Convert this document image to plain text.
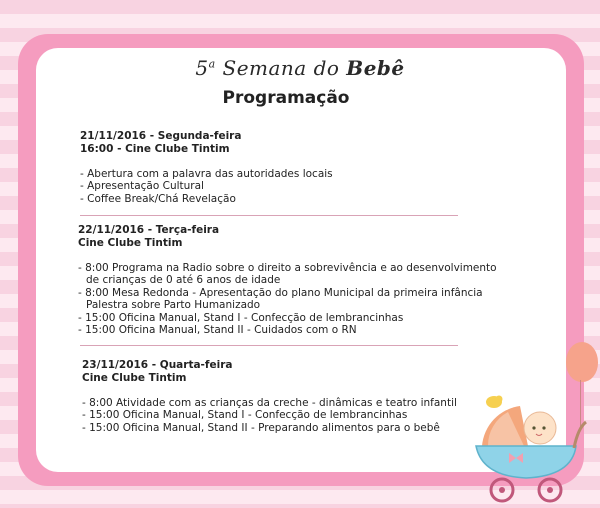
5$^a$ Semana do Bebê
Programação
21/11/2016 - Segunda-feira
16:00 - Cine Clube Tintim
- Abertura com a palavra das autoridades locais
- Apresentação Cultural
- Coffee Break/Chá Revelação
22/11/2016 - Terça-feira
Cine Clube Tintim
- 8:00 Programa na Radio sobre o direito a sobrevivência e ao desenvolvimento
de crianças de 0 até 6 anos de idade
- 8:00 Mesa Redonda - Apresentação do plano Municipal da primeira infância
Palestra sobre Parto Humanizado
- 15:00 Oficina Manual, Stand I - Confecção de lembrancinhas
- 15:00 Oficina Manual, Stand II - Cuidados com o RN
23/11/2016 - Quarta-feira
Cine Clube Tintim
- 8:00 Atividade com as crianças da creche - dinâmicas e teatro infantil
- 15:00 Oficina Manual, Stand I - Confecção de lembrancinhas
- 15:00 Oficina Manual, Stand II - Preparando alimentos para o bebê
